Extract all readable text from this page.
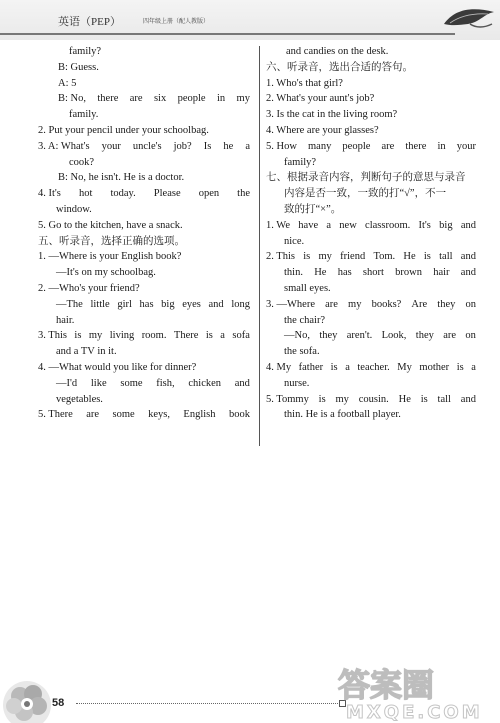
英语（PEP）	四年级上册（配人教版）
family?
B: Guess.
A: 5
B: No, there are six people in my
family.
2. Put your pencil under your schoolbag.
3. A: What's your uncle's job? Is he a
cook?
B: No, he isn't. He is a doctor.
4. It's hot today. Please open the
window.
5. Go to the kitchen, have a snack.
五、听录音，选择正确的选项。
1. —Where is your English book?
—It's on my schoolbag.
2. —Who's your friend?
—The little girl has big eyes and long
hair.
3. This is my living room. There is a sofa
and a TV in it.
4. —What would you like for dinner?
—I'd like some fish, chicken and
vegetables.
5. There are some keys, English book
and candies on the desk.
六、听录音，选出合适的答句。
1. Who's that girl?
2. What's your aunt's job?
3. Is the cat in the living room?
4. Where are your glasses?
5. How many people are there in your
family?
七、根据录音内容，判断句子的意思与录音
内容是否一致，一致的打“√”，不一
致的打“×”。
1. We have a new classroom. It's big and
nice.
2. This is my friend Tom. He is tall and
thin. He has short brown hair and
small eyes.
3. —Where are my books? Are they on
the chair?
—No, they aren't. Look, they are on
the sofa.
4. My father is a teacher. My mother is a
nurse.
5. Tommy is my cousin. He is tall and
thin. He is a football player.
58	答案圈
MXQE.COM
